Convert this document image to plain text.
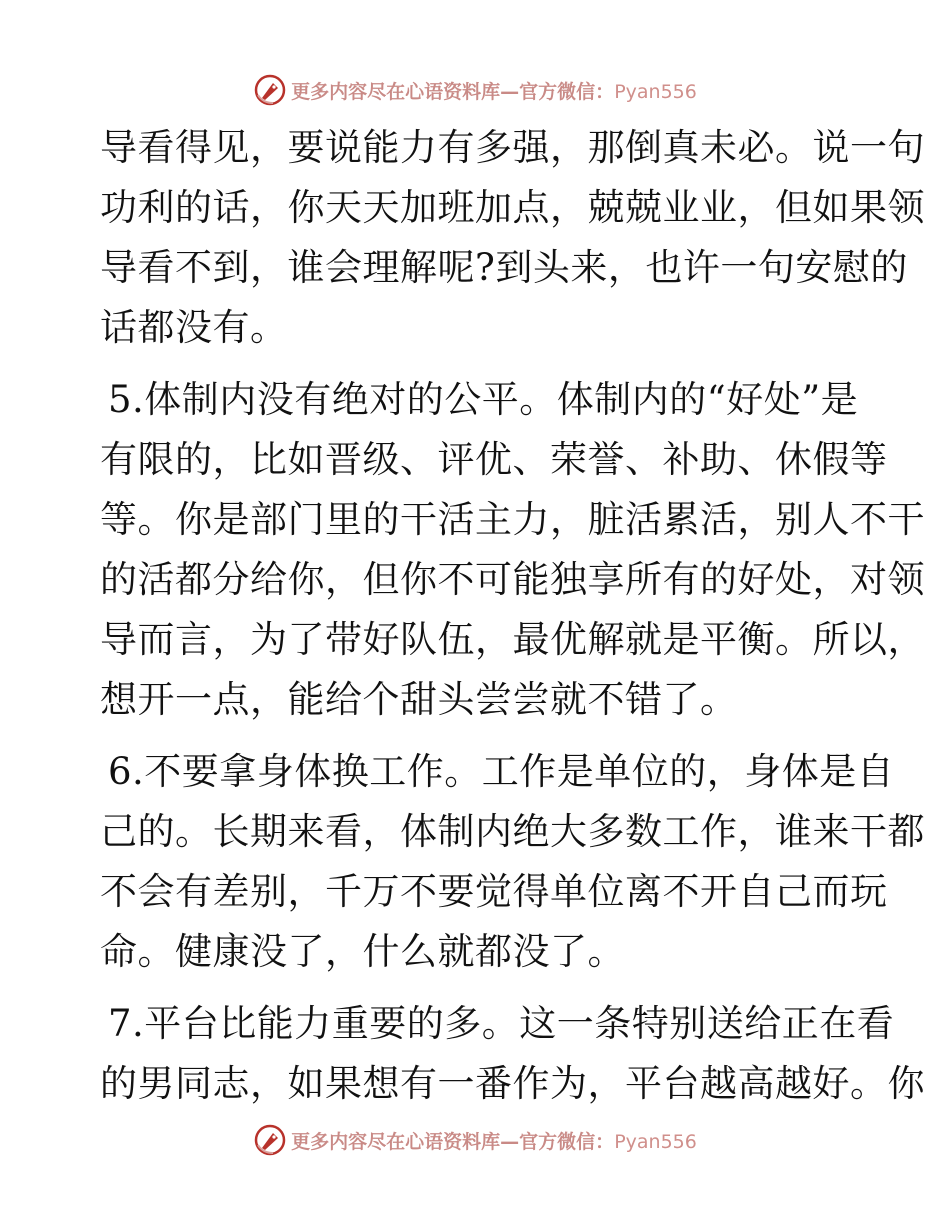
更多内容尽在心语资料库—官方微信：Pyan556
导看得见，要说能力有多强，那倒真未必。说一句
功利的话，你天天加班加点，兢兢业业，但如果领
导看不到，谁会理解呢?到头来，也许一句安慰的
话都没有。
5.体制内没有绝对的公平。体制内的“好处”是
有限的，比如晋级、评优、荣誉、补助、休假等
等。你是部门里的干活主力，脏活累活，别人不干
的活都分给你，但你不可能独享所有的好处，对领
导而言，为了带好队伍，最优解就是平衡。所以，
想开一点，能给个甜头尝尝就不错了。
6.不要拿身体换工作。工作是单位的，身体是自
己的。长期来看，体制内绝大多数工作，谁来干都
不会有差别，千万不要觉得单位离不开自己而玩
命。健康没了，什么就都没了。
7.平台比能力重要的多。这一条特别送给正在看
的男同志，如果想有一番作为，平台越高越好。你
更多内容尽在心语资料库—官方微信：Pyan556
